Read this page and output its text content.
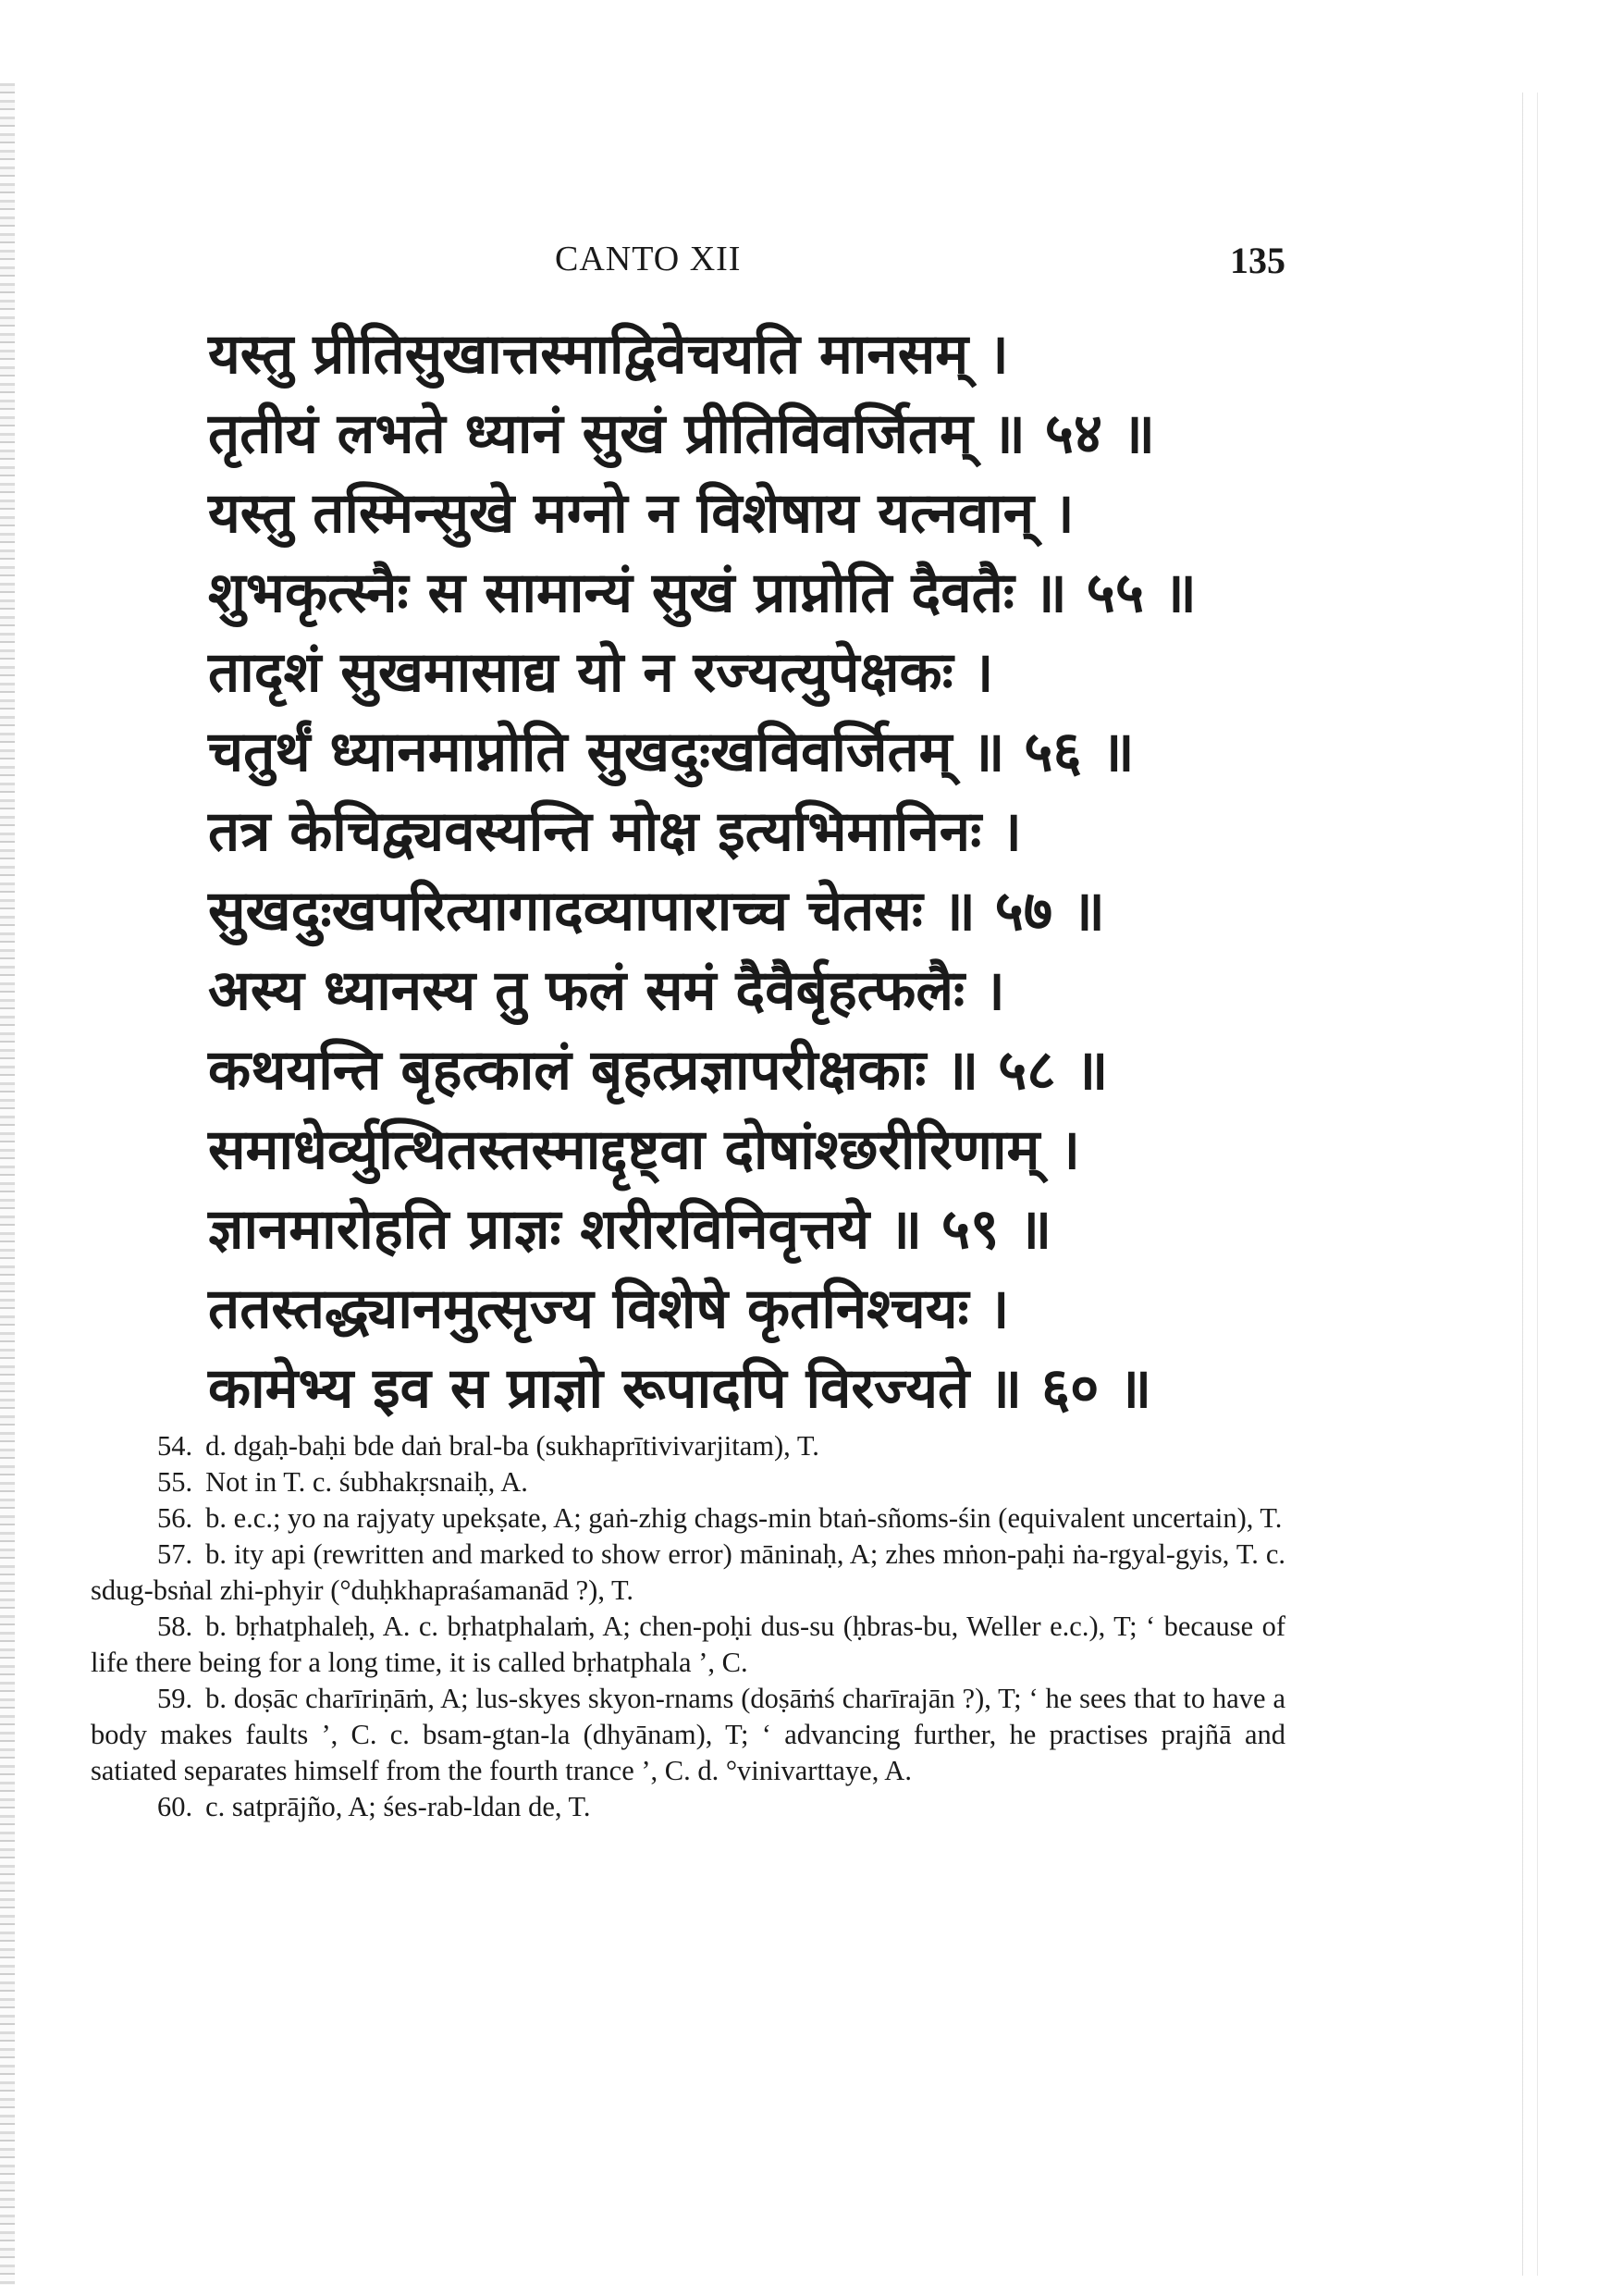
CANTO XII	135
यस्तु प्रीतिसुखात्तस्माद्विवेचयति मानसम् ।
तृतीयं लभते ध्यानं सुखं प्रीतिविवर्जितम् ॥ ५४ ॥
यस्तु तस्मिन्सुखे मग्नो न विशेषाय यत्नवान् ।
शुभकृत्स्नैः स सामान्यं सुखं प्राप्नोति दैवतैः ॥ ५५ ॥
तादृशं सुखमासाद्य यो न रज्यत्युपेक्षकः ।
चतुर्थं ध्यानमाप्नोति सुखदुःखविवर्जितम् ॥ ५६ ॥
तत्र केचिद्व्यवस्यन्ति मोक्ष इत्यभिमानिनः ।
सुखदुःखपरित्यागादव्यापाराच्च चेतसः ॥ ५७ ॥
अस्य ध्यानस्य तु फलं समं दैवैर्बृहत्फलैः ।
कथयन्ति बृहत्कालं बृहत्प्रज्ञापरीक्षकाः ॥ ५८ ॥
समाधेर्व्युत्थितस्तस्माद्दृष्ट्वा दोषांश्छरीरिणाम् ।
ज्ञानमारोहति प्राज्ञः शरीरविनिवृत्तये ॥ ५९ ॥
ततस्तद्ध्यानमुत्सृज्य विशेषे कृतनिश्चयः ।
कामेभ्य इव स प्राज्ञो रूपादपि विरज्यते ॥ ६० ॥

54. d. dgaḥ-baḥi bde daṅ bral-ba (sukhaprītivivarjitam), T.

55. Not in T. c. śubhakṛsnaiḥ, A.

56. b. e.c.; yo na rajyaty upekṣate, A; gaṅ-zhig chags-min btaṅ-sñoms-śin (equivalent uncertain), T.

57. b. ity api (rewritten and marked to show error) māninaḥ, A; zhes mṅon-paḥi ṅa-rgyal-gyis, T. c. sdug-bsṅal zhi-phyir (°duḥkhapraśamanād ?), T.

58. b. bṛhatphaleḥ, A. c. bṛhatphalaṁ, A; chen-poḥi dus-su (ḥbras-bu, Weller e.c.), T; ‘ because of life there being for a long time, it is called bṛhatphala ’, C.

59. b. doṣāc charīriṇāṁ, A; lus-skyes skyon-rnams (doṣāṁś charīrajān ?), T; ‘ he sees that to have a body makes faults ’, C. c. bsam-gtan-la (dhyānam), T; ‘ advancing further, he practises prajñā and satiated separates himself from the fourth trance ’, C. d. °vinivarttaye, A.

60. c. satprājño, A; śes-rab-ldan de, T.
